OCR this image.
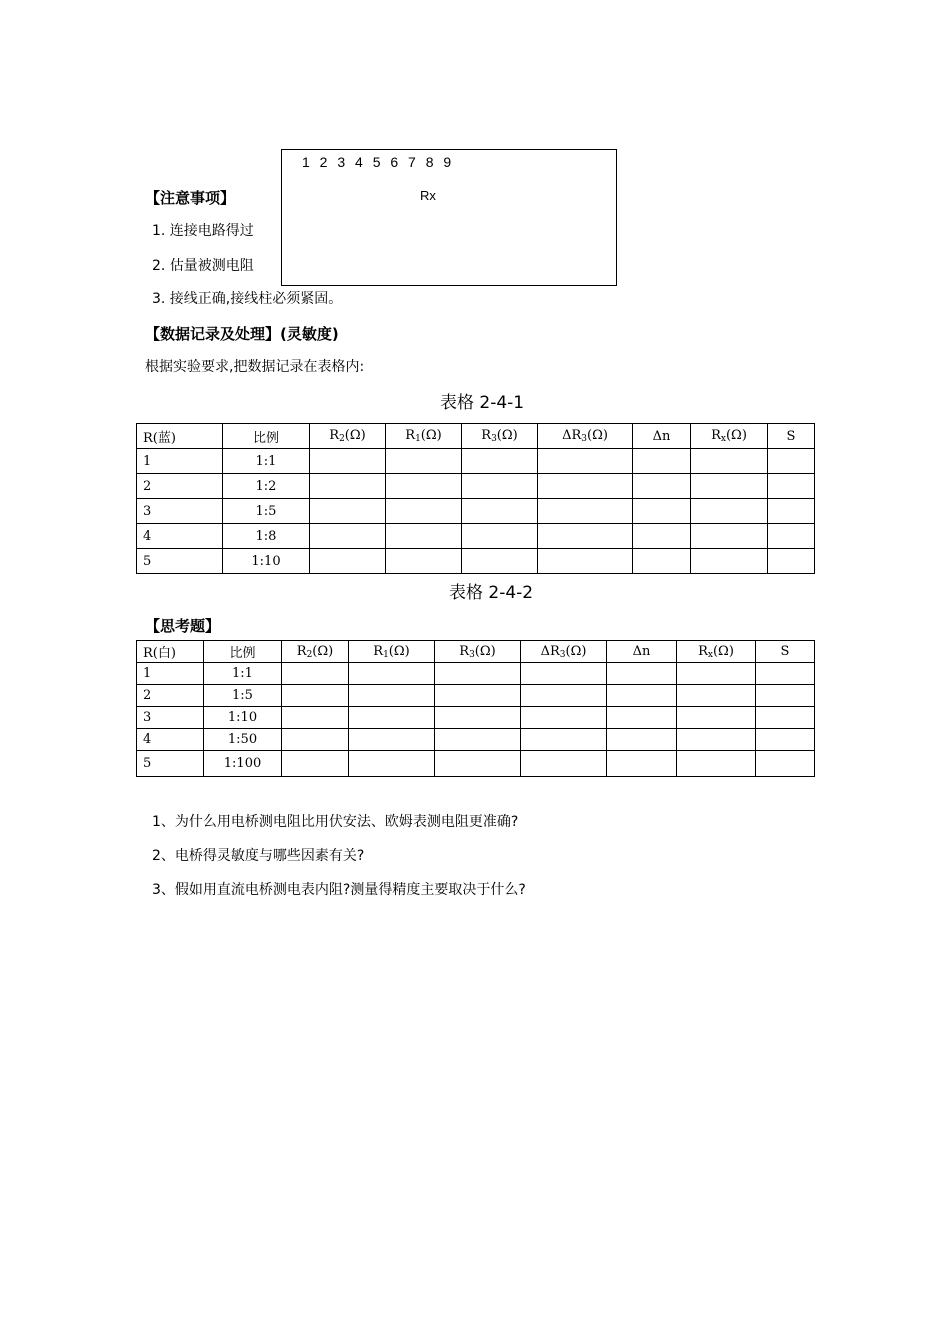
【注意事项】
1. 连接电路得过
2. 估量被测电阻
3. 接线正确,接线柱必须紧固。
1 2 3 4 5 6 7 8 9
Rx
【数据记录及处理】(灵敏度)
根据实验要求,把数据记录在表格内:
表格 2-4-1
R(蓝)	比例	$R_2(\Omega)$	$R_1(\Omega)$	$R_3(\Omega)$	$\Delta R_3(\Omega)$	Δn	$R_x(\Omega)$	S
1	1:1							
2	1:2							
3	1:5							
4	1:8							
5	1:10							
表格 2-4-2
【思考题】
R(白)	比例	$R_2(\Omega)$	$R_1(\Omega)$	$R_3(\Omega)$	$\Delta R_3(\Omega)$	Δn	$R_x(\Omega)$	S
1	1:1							
2	1:5							
3	1:10							
4	1:50							
5	1:100							
1、为什么用电桥测电阻比用伏安法、欧姆表测电阻更准确?
2、电桥得灵敏度与哪些因素有关?
3、假如用直流电桥测电表内阻?测量得精度主要取决于什么?
